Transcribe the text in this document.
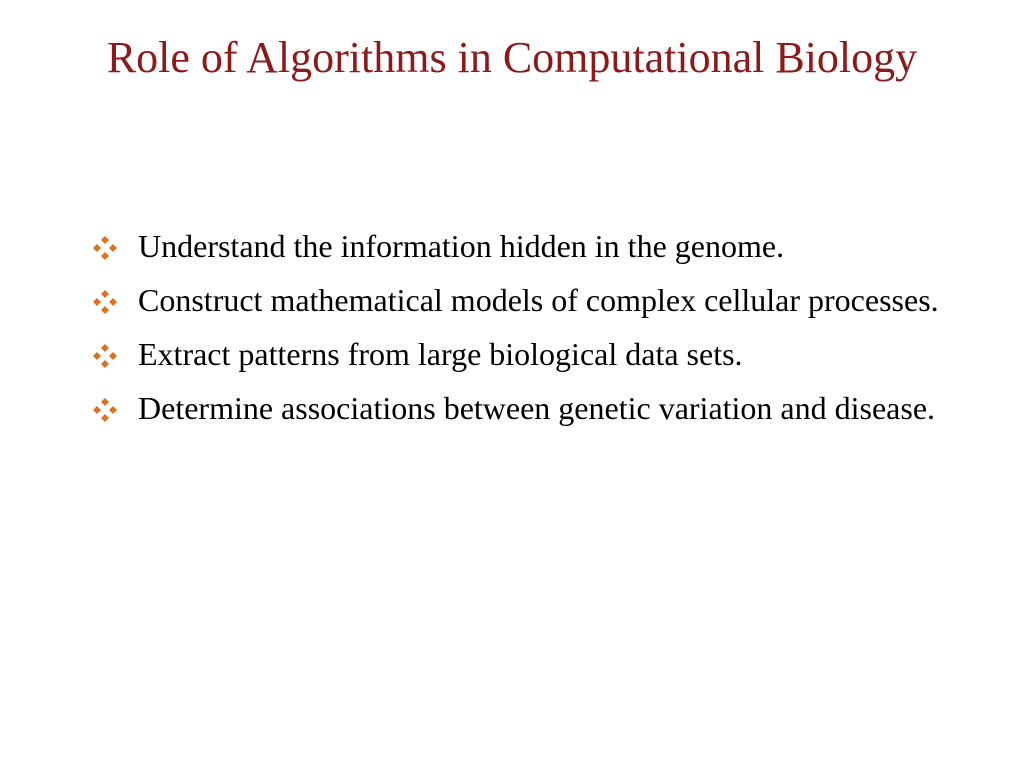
Role of Algorithms in Computational Biology
Understand the information hidden in the genome.
Construct mathematical models of complex cellular processes.
Extract patterns from large biological data sets.
Determine associations between genetic variation and disease.
